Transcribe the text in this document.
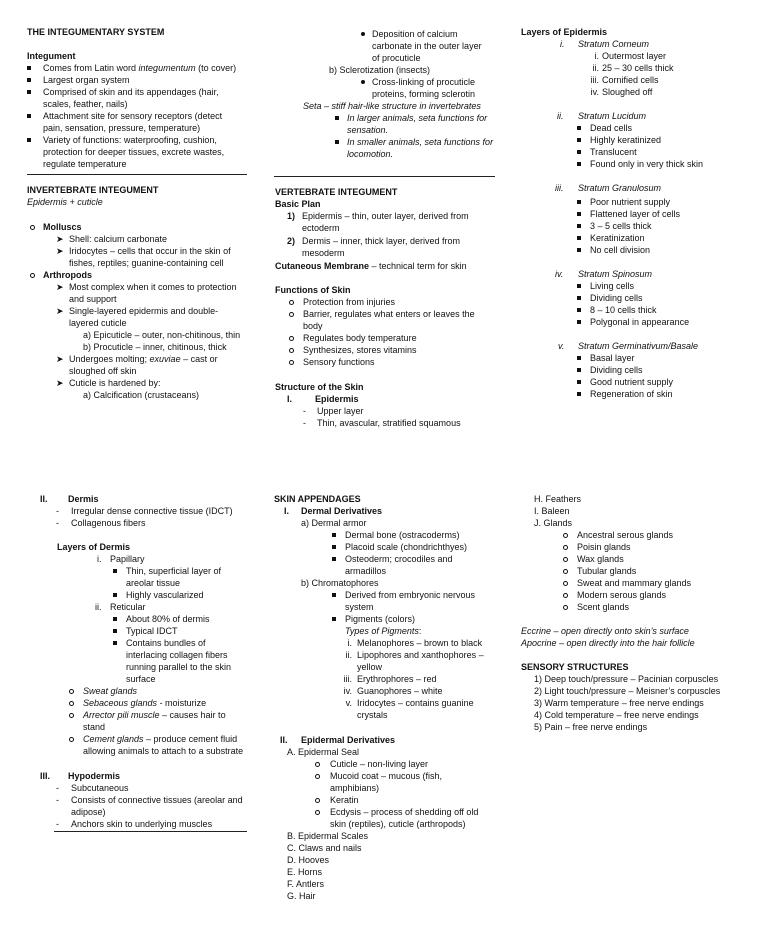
THE INTEGUMENTARY SYSTEM
Integument
Comes from Latin word integumentum (to cover)
Largest organ system
Comprised of skin and its appendages (hair,
scales, feather, nails)
Attachment site for sensory receptors (detect
pain, sensation, pressure, temperature)
Variety of functions: waterproofing, cushion,
protection for deeper tissues, excrete wastes,
regulate temperature
INVERTEBRATE INTEGUMENT
Epidermis + cuticle
Molluscs
➤ Shell: calcium carbonate
➤ Iridocytes – cells that occur in the skin of
fishes, reptiles; guanine-containing cell
Arthropods
➤ Most complex when it comes to protection
and support
➤ Single-layered epidermis and double-
layered cuticle
a) Epicuticle – outer, non-chitinous, thin
b) Procuticle – inner, chitinous, thick
➤ Undergoes molting; exuviae – cast or
sloughed off skin
➤ Cuticle is hardened by:
a) Calcification (crustaceans)
Deposition of calcium
carbonate in the outer layer
of procuticle
b) Sclerotization (insects)
Cross-linking of procuticle
proteins, forming sclerotin
Seta – stiff hair-like structure in invertebrates
In larger animals, seta functions for
sensation.
In smaller animals, seta functions for
locomotion.
VERTEBRATE INTEGUMENT
Basic Plan
1) Epidermis – thin, outer layer, derived from
ectoderm
2) Dermis – inner, thick layer, derived from
mesoderm
Cutaneous Membrane – technical term for skin
Functions of Skin
Protection from injuries
Barrier, regulates what enters or leaves the
body
Regulates body temperature
Synthesizes, stores vitamins
Sensory functions
Structure of the Skin
I.	Epidermis
- Upper layer
- Thin, avascular, stratified squamous
Layers of Epidermis
i. Stratum Corneum
i. Outermost layer
ii. 25 – 30 cells thick
iii. Cornified cells
iv. Sloughed off
ii. Stratum Lucidum
Dead cells
Highly keratinized
Translucent
Found only in very thick skin
iii. Stratum Granulosum
Poor nutrient supply
Flattened layer of cells
3 – 5 cells thick
Keratinization
No cell division
iv. Stratum Spinosum
Living cells
Dividing cells
8 – 10 cells thick
Polygonal in appearance
v. Stratum Germinativum/Basale
Basal layer
Dividing cells
Good nutrient supply
Regeneration of skin
II. Dermis
- Irregular dense connective tissue (IDCT)
- Collagenous fibers
Layers of Dermis
i. Papillary
Thin, superficial layer of
areolar tissue
Highly vascularized
ii. Reticular
About 80% of dermis
Typical IDCT
Contains bundles of
interlacing collagen fibers
running parallel to the skin
surface
Sweat glands
Sebaceous glands - moisturize
Arrector pili muscle – causes hair to
stand
Cement glands – produce cement fluid
allowing animals to attach to a substrate
III. Hypodermis
- Subcutaneous
- Consists of connective tissues (areolar and
adipose)
- Anchors skin to underlying muscles
SKIN APPENDAGES
I. Dermal Derivatives
a) Dermal armor
Dermal bone (ostracoderms)
Placoid scale (chondrichthyes)
Osteoderm; crocodiles and
armadillos
b) Chromatophores
Derived from embryonic nervous
system
Pigments (colors)
Types of Pigments:
i. Melanophores – brown to black
ii. Lipophores and xanthophores –
yellow
iii. Erythrophores – red
iv. Guanophores – white
v. Iridocytes – contains guanine
crystals
II. Epidermal Derivatives
A. Epidermal Seal
Cuticle – non-living layer
Mucoid coat – mucous (fish,
amphibians)
Keratin
Ecdysis – process of shedding off old
skin (reptiles), cuticle (arthropods)
B. Epidermal Scales
C. Claws and nails
D. Hooves
E. Horns
F. Antlers
G. Hair
H. Feathers
I. Baleen
J. Glands
Ancestral serous glands
Poisin glands
Wax glands
Tubular glands
Sweat and mammary glands
Modern serous glands
Scent glands
Eccrine – open directly onto skin’s surface
Apocrine – open directly into the hair follicle
SENSORY STRUCTURES
1) Deep touch/pressure – Pacinian corpuscles
2) Light touch/pressure – Meisner’s corpuscles
3) Warm temperature – free nerve endings
4) Cold temperature – free nerve endings
5) Pain – free nerve endings
